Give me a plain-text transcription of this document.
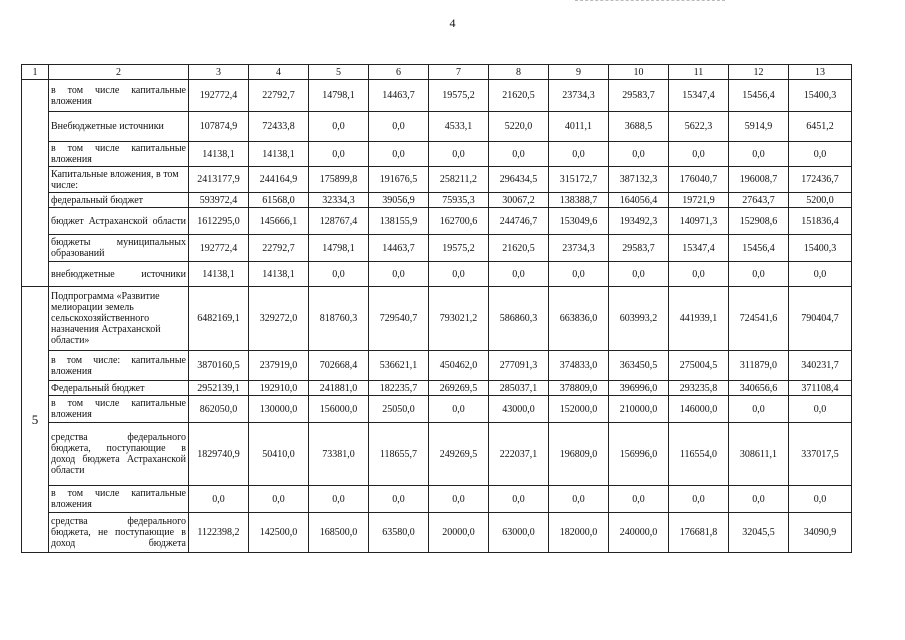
4
1	2	3	4	5	6	7	8	9	10	11	12	13
	в том числе капитальные вложения	192772,4	22792,7	14798,1	14463,7	19575,2	21620,5	23734,3	29583,7	15347,4	15456,4	15400,3
	Внебюджетные источники	107874,9	72433,8	0,0	0,0	4533,1	5220,0	4011,1	3688,5	5622,3	5914,9	6451,2
	в том числе капитальные вложения	14138,1	14138,1	0,0	0,0	0,0	0,0	0,0	0,0	0,0	0,0	0,0
	Капитальные вложения, в том числе:	2413177,9	244164,9	175899,8	191676,5	258211,2	296434,5	315172,7	387132,3	176040,7	196008,7	172436,7
	федеральный бюджет	593972,4	61568,0	32334,3	39056,9	75935,3	30067,2	138388,7	164056,4	19721,9	27643,7	5200,0
	бюджет Астраханской области	1612295,0	145666,1	128767,4	138155,9	162700,6	244746,7	153049,6	193492,3	140971,3	152908,6	151836,4
	бюджеты муниципальных образований	192772,4	22792,7	14798,1	14463,7	19575,2	21620,5	23734,3	29583,7	15347,4	15456,4	15400,3
	внебюджетные источники	14138,1	14138,1	0,0	0,0	0,0	0,0	0,0	0,0	0,0	0,0	0,0
5	Подпрограмма «Развитие мелиорации земель сельскохозяйственного назначения Астраханской области»	6482169,1	329272,0	818760,3	729540,7	793021,2	586860,3	663836,0	603993,2	441939,1	724541,6	790404,7
	в том числе: капитальные вложения	3870160,5	237919,0	702668,4	536621,1	450462,0	277091,3	374833,0	363450,5	275004,5	311879,0	340231,7
	Федеральный бюджет	2952139,1	192910,0	241881,0	182235,7	269269,5	285037,1	378809,0	396996,0	293235,8	340656,6	371108,4
	в том числе капитальные вложения	862050,0	130000,0	156000,0	25050,0	0,0	43000,0	152000,0	210000,0	146000,0	0,0	0,0
	средства федерального бюджета, поступающие в доход бюджета Астраханской области	1829740,9	50410,0	73381,0	118655,7	249269,5	222037,1	196809,0	156996,0	116554,0	308611,1	337017,5
	в том числе капитальные вложения	0,0	0,0	0,0	0,0	0,0	0,0	0,0	0,0	0,0	0,0	0,0
	средства федерального бюджета, не поступающие в доход бюджета	1122398,2	142500,0	168500,0	63580,0	20000,0	63000,0	182000,0	240000,0	176681,8	32045,5	34090,9
